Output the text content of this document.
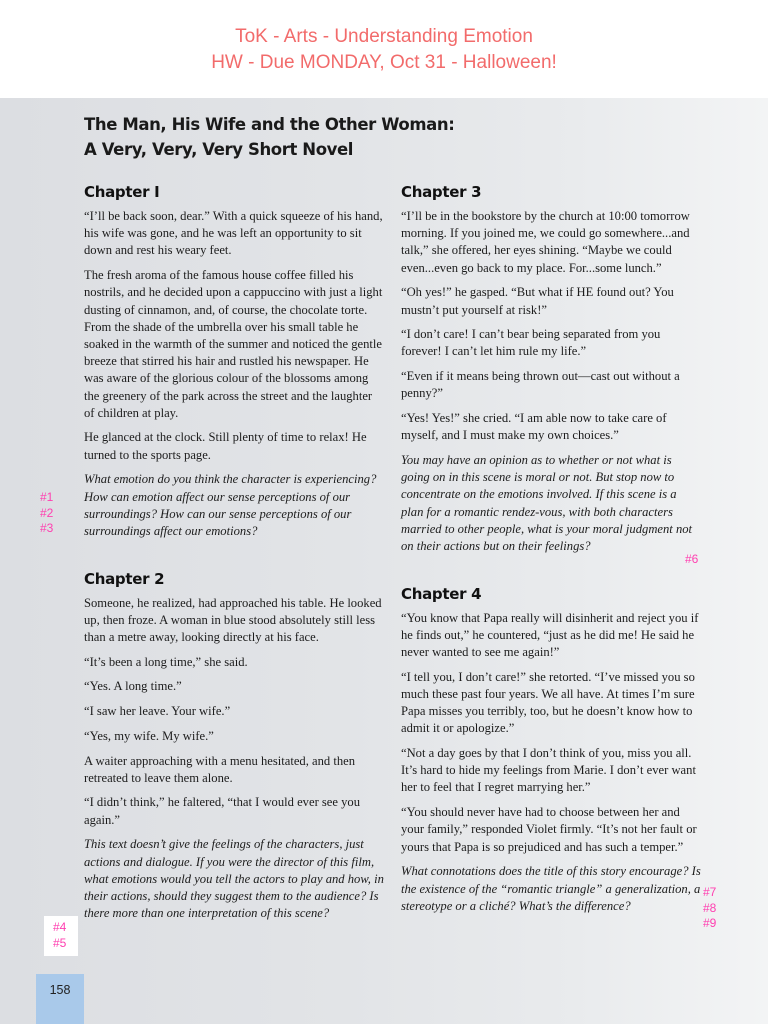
ToK - Arts - Understanding Emotion
HW - Due MONDAY, Oct 31 - Halloween!
The Man, His Wife and the Other Woman:
A Very, Very, Very Short Novel
Chapter I

“I’ll be back soon, dear.” With a quick squeeze of his hand, his wife was gone, and he was left an opportunity to sit down and rest his weary feet.

The fresh aroma of the famous house coffee filled his nostrils, and he decided upon a cappuccino with just a light dusting of cinnamon, and, of course, the chocolate torte. From the shade of the umbrella over his small table he soaked in the warmth of the summer and noticed the gentle breeze that stirred his hair and rustled his newspaper. He was aware of the glorious colour of the blossoms among the greenery of the park across the street and the laughter of children at play.

He glanced at the clock. Still plenty of time to relax! He turned to the sports page.

What emotion do you think the character is experiencing? How can emotion affect our sense perceptions of our surroundings? How can our sense perceptions of our surroundings affect our emotions?

Chapter 2

Someone, he realized, had approached his table. He looked up, then froze. A woman in blue stood absolutely still less than a metre away, looking directly at his face.

“It’s been a long time,” she said.

“Yes. A long time.”

“I saw her leave. Your wife.”

“Yes, my wife. My wife.”

A waiter approaching with a menu hesitated, and then retreated to leave them alone.

“I didn’t think,” he faltered, “that I would ever see you again.”

This text doesn’t give the feelings of the characters, just actions and dialogue. If you were the director of this film, what emotions would you tell the actors to play and how, in their actions, should they suggest them to the audience? Is there more than one interpretation of this scene?

Chapter 3

“I’ll be in the bookstore by the church at 10:00 tomorrow morning. If you joined me, we could go somewhere...and talk,” she offered, her eyes shining. “Maybe we could even...even go back to my place. For...some lunch.”

“Oh yes!” he gasped. “But what if HE found out? You mustn’t put yourself at risk!”

“I don’t care! I can’t bear being separated from you forever! I can’t let him rule my life.”

“Even if it means being thrown out—cast out without a penny?”

“Yes! Yes!” she cried. “I am able now to take care of myself, and I must make my own choices.”

You may have an opinion as to whether or not what is going on in this scene is moral or not. But stop now to concentrate on the emotions involved. If this scene is a plan for a romantic rendez-vous, with both characters married to other people, what is your moral judgment not on their actions but on their feelings?

Chapter 4

“You know that Papa really will disinherit and reject you if he finds out,” he countered, “just as he did me! He said he never wanted to see me again!”

“I tell you, I don’t care!” she retorted. “I’ve missed you so much these past four years. We all have. At times I’m sure Papa misses you terribly, too, but he doesn’t know how to admit it or apologize.”

“Not a day goes by that I don’t think of you, miss you all. It’s hard to hide my feelings from Marie. I don’t ever want her to feel that I regret marrying her.”

“You should never have had to choose between her and your family,” responded Violet firmly. “It’s not her fault or yours that Papa is so prejudiced and has such a temper.”

What connotations does the title of this story encourage? Is the existence of the “romantic triangle” a generalization, a stereotype or a cliché? What’s the difference?

#1
#2
#3
#4
#5
#6
#7
#8
#9
158
